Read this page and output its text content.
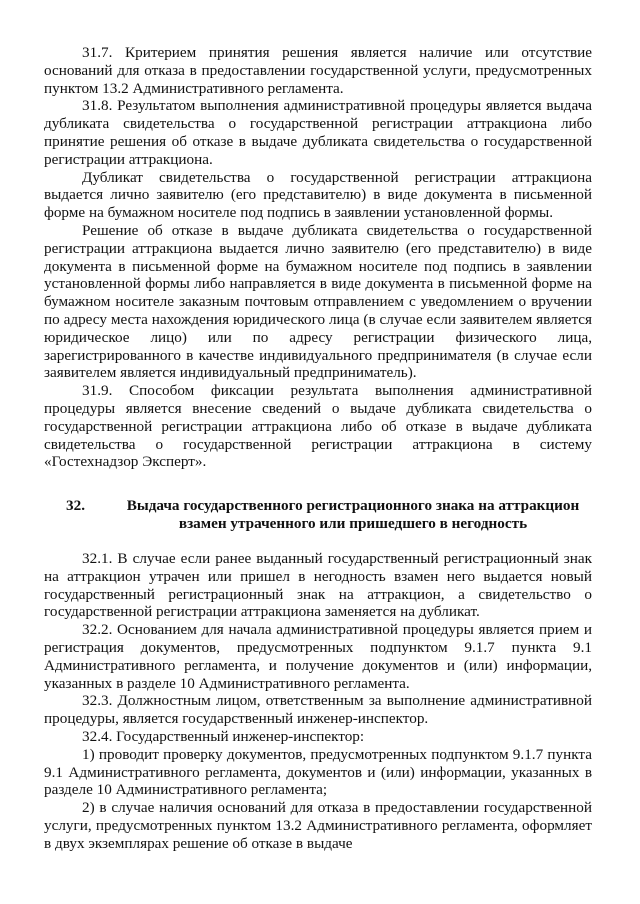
31.7. Критерием принятия решения является наличие или отсутствие оснований для отказа в предоставлении государственной услуги, предусмотренных пунктом 13.2 Административного регламента.

31.8. Результатом выполнения административной процедуры является выдача дубликата свидетельства о государственной регистрации аттракциона либо принятие решения об отказе в выдаче дубликата свидетельства о государственной регистрации аттракциона.

Дубликат свидетельства о государственной регистрации аттракциона выдается лично заявителю (его представителю) в виде документа в письменной форме на бумажном носителе под подпись в заявлении установленной формы.

Решение об отказе в выдаче дубликата свидетельства о государственной регистрации аттракциона выдается лично заявителю (его представителю) в виде документа в письменной форме на бумажном носителе под подпись в заявлении установленной формы либо направляется в виде документа в письменной форме на бумажном носителе заказным почтовым отправлением с уведомлением о вручении по адресу места нахождения юридического лица (в случае если заявителем является юридическое лицо) или по адресу регистрации физического лица, зарегистрированного в качестве индивидуального предпринимателя (в случае если заявителем является индивидуальный предприниматель).

31.9. Способом фиксации результата выполнения административной процедуры является внесение сведений о выдаче дубликата свидетельства о государственной регистрации аттракциона либо об отказе в выдаче дубликата свидетельства о государственной регистрации аттракциона в систему «Гостехнадзор Эксперт».

32.	Выдача государственного регистрационного знака на аттракцион взамен утраченного или пришедшего в негодность

32.1. В случае если ранее выданный государственный регистрационный знак на аттракцион утрачен или пришел в негодность взамен него выдается новый государственный регистрационный знак на аттракцион, а свидетельство о государственной регистрации аттракциона заменяется на дубликат.

32.2. Основанием для начала административной процедуры является прием и регистрация документов, предусмотренных подпунктом 9.1.7 пункта 9.1 Административного регламента, и получение документов и (или) информации, указанных в разделе 10 Административного регламента.

32.3. Должностным лицом, ответственным за выполнение административной процедуры, является государственный инженер-инспектор.

32.4. Государственный инженер-инспектор:

1) проводит проверку документов, предусмотренных подпунктом 9.1.7 пункта 9.1 Административного регламента, документов и (или) информации, указанных в разделе 10 Административного регламента;

2) в случае наличия оснований для отказа в предоставлении государственной услуги, предусмотренных пунктом 13.2 Административного регламента, оформляет в двух экземплярах решение об отказе в выдаче
